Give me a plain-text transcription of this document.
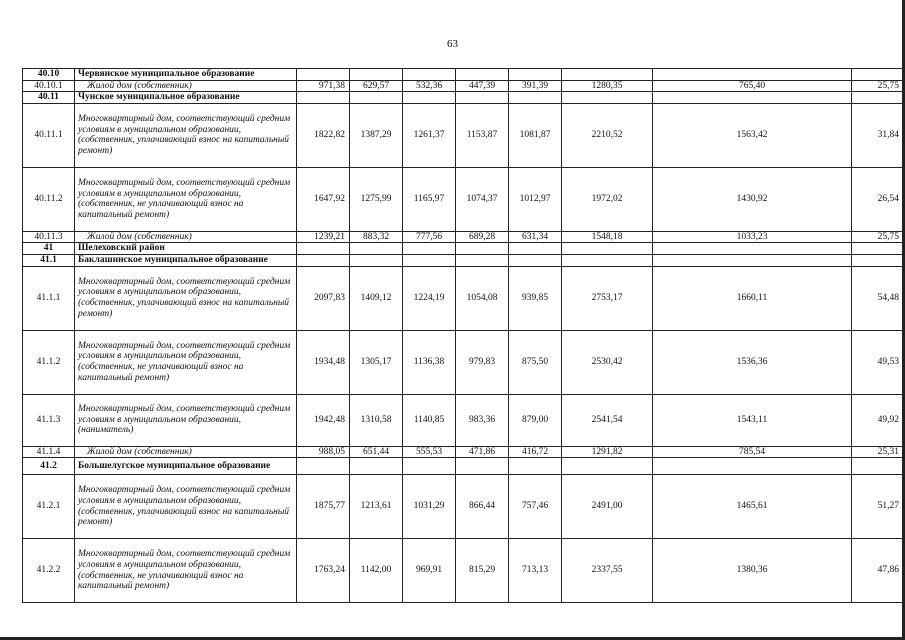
63
40.10	Червянское муниципальное образование								
40.10.1	Жилой дом (собственник)	971,38	629,57	532,36	447,39	391,39	1280,35	765,40	25,75
40.11	Чунское муниципальное образование								
40.11.1	Многоквартирный дом, соответствующий средним условиям в муниципальном образовании, (собственник, уплачивающий взнос на капитальный ремонт)	1822,82	1387,29	1261,37	1153,87	1081,87	2210,52	1563,42	31,84
40.11.2	Многоквартирный дом, соответствующий средним условиям в муниципальном образовании, (собственник, не уплачивающий взнос на капитальный ремонт)	1647,92	1275,99	1165,97	1074,37	1012,97	1972,02	1430,92	26,54
40.11.3	Жилой дом (собственник)	1239,21	883,32	777,56	689,28	631,34	1548,18	1033,23	25,75
41	Шелеховский район								
41.1	Баклашинское муниципальное образование								
41.1.1	Многоквартирный дом, соответствующий средним условиям в муниципальном образовании, (собственник, уплачивающий взнос на капитальный ремонт)	2097,83	1409,12	1224,19	1054,08	939,85	2753,17	1660,11	54,48
41.1.2	Многоквартирный дом, соответствующий средним условиям в муниципальном образовании, (собственник, не уплачивающий взнос на капитальный ремонт)	1934,48	1305,17	1136,38	979,83	875,50	2530,42	1536,36	49,53
41.1.3	Многоквартирный дом, соответствующий средним условиям в муниципальном образовании, (наниматель)	1942,48	1310,58	1140,85	983,36	879,00	2541,54	1543,11	49,92
41.1.4	Жилой дом (собственник)	988,05	651,44	555,53	471,86	416,72	1291,82	785,54	25,31
41.2	Большелугское муниципальное образование								
41.2.1	Многоквартирный дом, соответствующий средним условиям в муниципальном образовании, (собственник, уплачивающий взнос на капитальный ремонт)	1875,77	1213,61	1031,29	866,44	757,46	2491,00	1465,61	51,27
41.2.2	Многоквартирный дом, соответствующий средним условиям в муниципальном образовании, (собственник, не уплачивающий взнос на капитальный ремонт)	1763,24	1142,00	969,91	815,29	713,13	2337,55	1380,36	47,86
